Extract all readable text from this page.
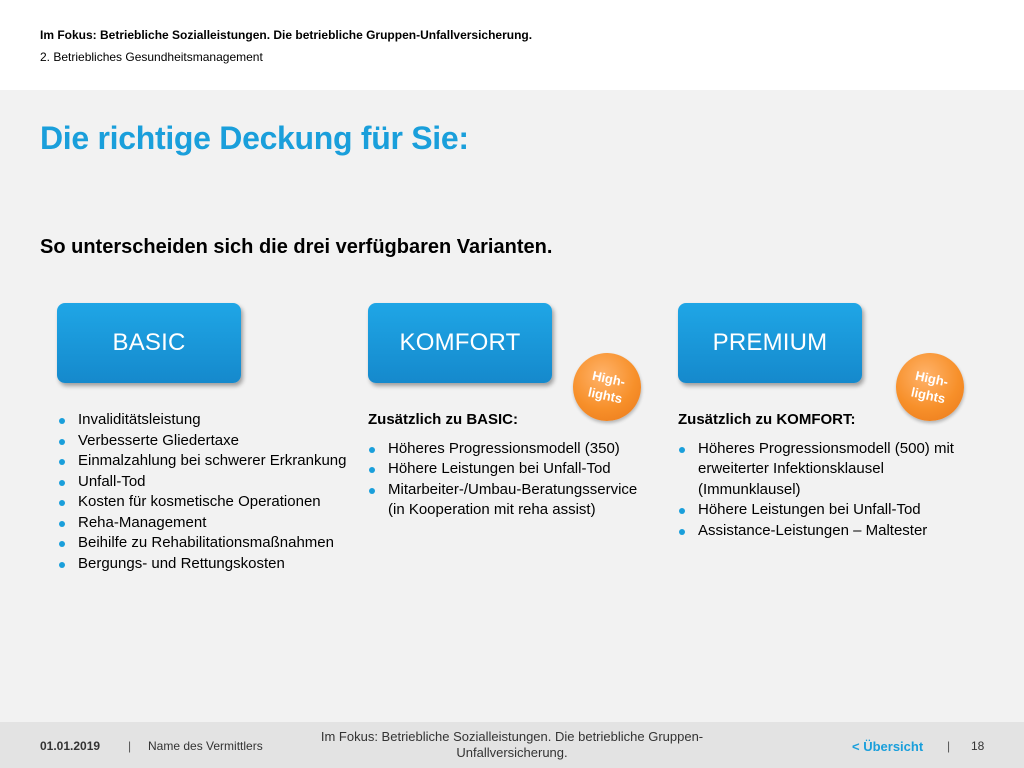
Im Fokus: Betriebliche Sozialleistungen. Die betriebliche Gruppen-Unfallversicherung.
2. Betriebliches Gesundheitsmanagement
Die richtige Deckung für Sie:
So unterscheiden sich die drei verfügbaren Varianten.
BASIC	KOMFORT	PREMIUM
High-
lights
High-
lights
Invaliditätsleistung
Verbesserte Gliedertaxe
Einmalzahlung bei schwerer Erkrankung
Unfall-Tod
Kosten für kosmetische Operationen
Reha-Management
Beihilfe zu Rehabilitationsmaßnahmen
Bergungs- und Rettungskosten
Zusätzlich zu BASIC:
Höheres Progressionsmodell (350)
Höhere Leistungen bei Unfall-Tod
Mitarbeiter-/Umbau-Beratungsservice (in Kooperation mit reha assist)
Zusätzlich zu KOMFORT:
Höheres Progressionsmodell (500) mit erweiterter Infektionsklausel (Immunklausel)
Höhere Leistungen bei Unfall-Tod
Assistance-Leistungen – Maltester
01.01.2019 | Name des Vermittlers
Im Fokus: Betriebliche Sozialleistungen. Die betriebliche Gruppen-Unfallversicherung.	< Übersicht | 18
